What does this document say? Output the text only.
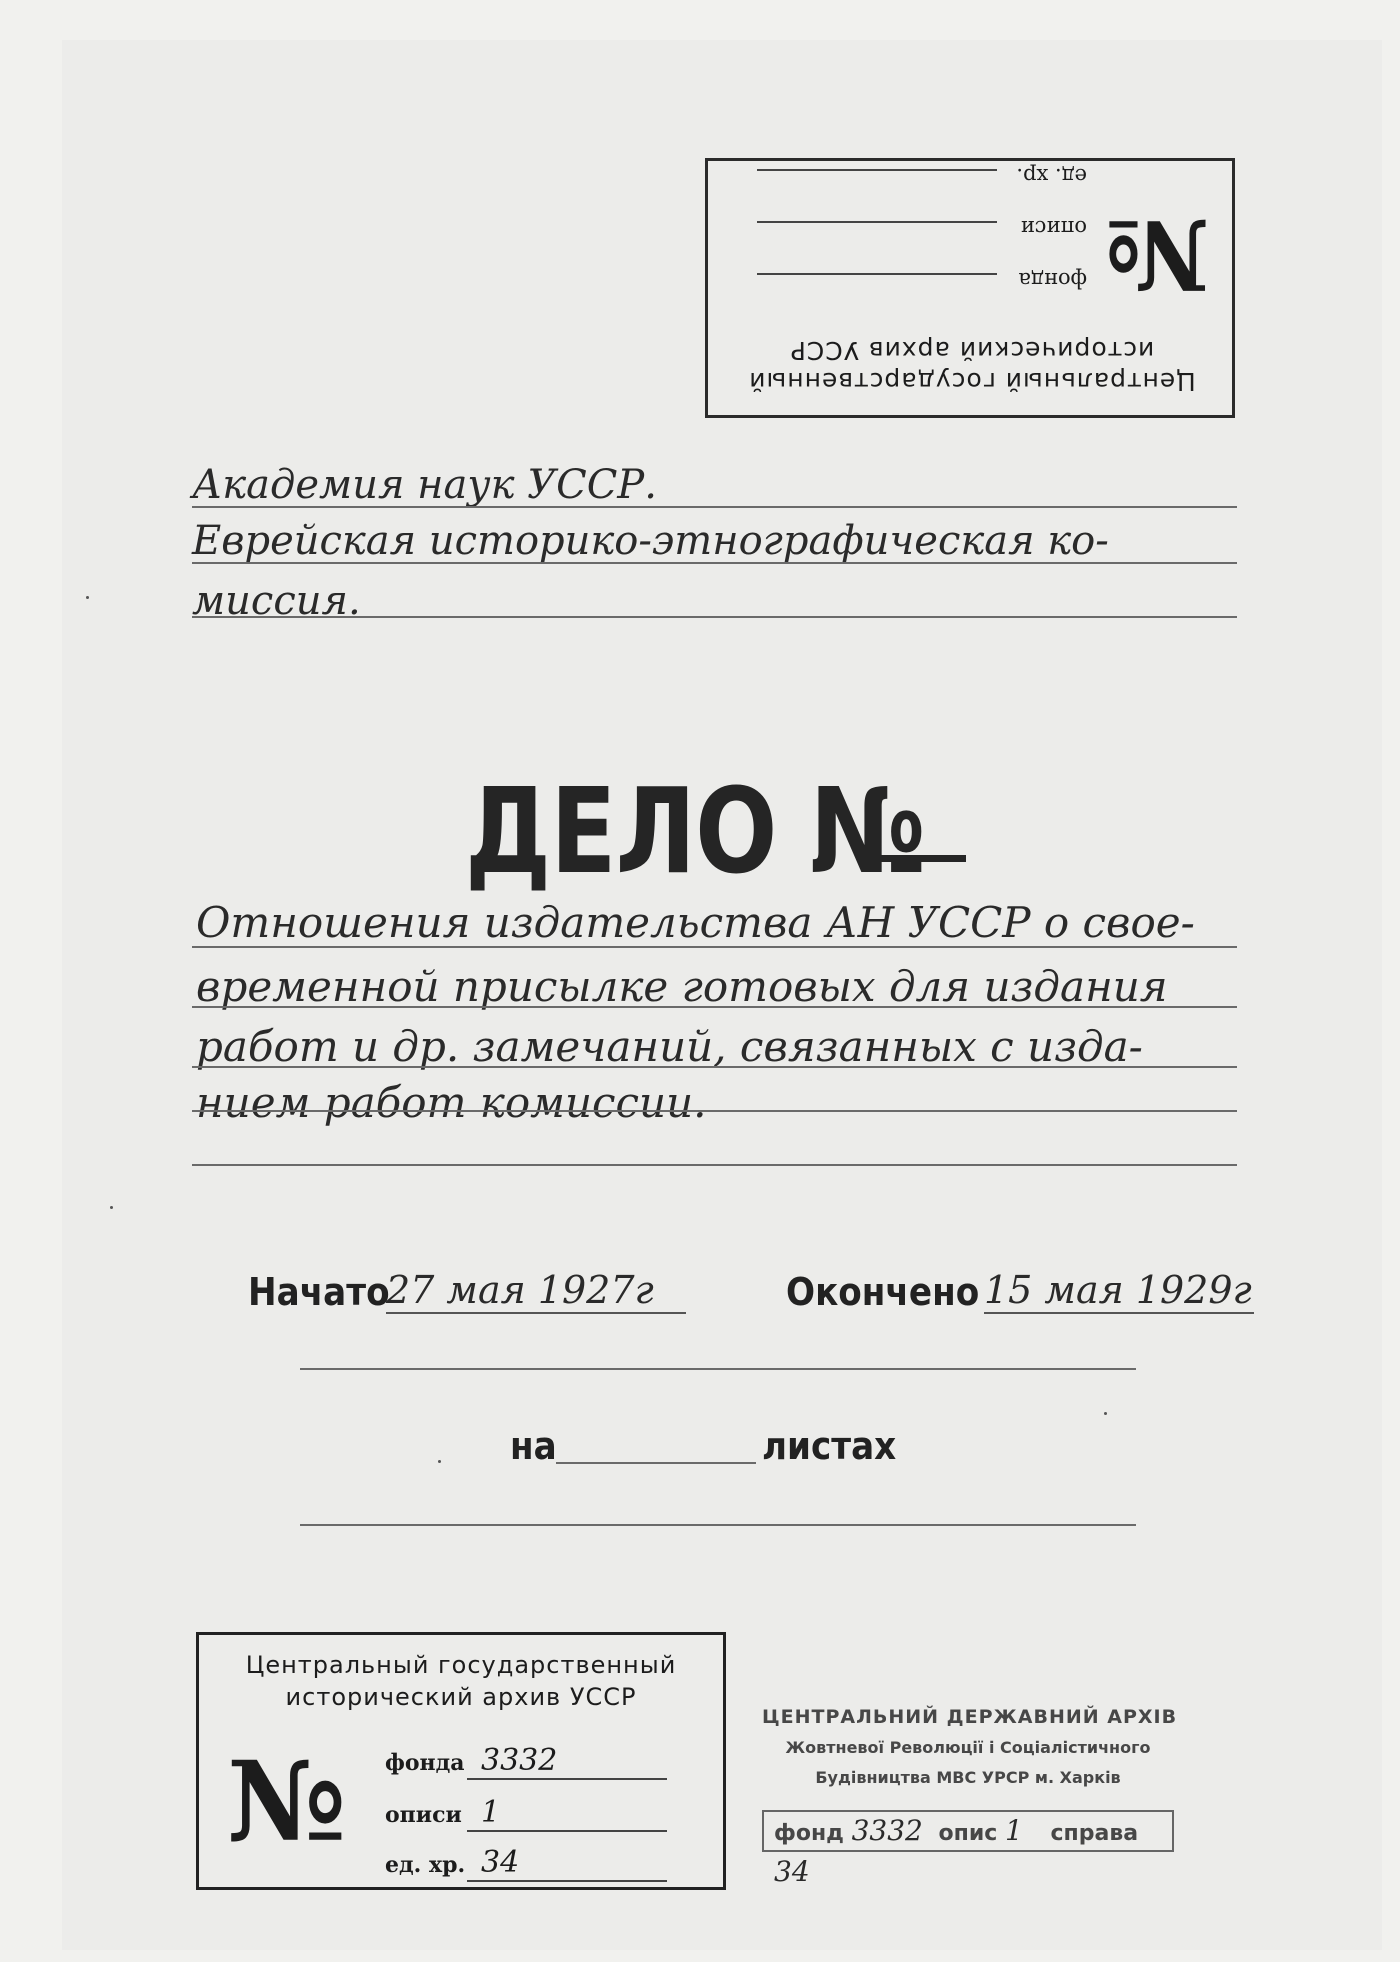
Центральный государственный
исторический архив УССР
№
фонда
описи
ед. хр.
Академия наук УССР.
Еврейская историко-этнографическая ко-
миссия.
ДЕЛО №
Отношения издательства АН УССР о свое-
временной присылке готовых для издания
работ и др. замечаний, связанных с изда-
нием работ комиссии.
Начато
27 мая 1927г	Окончено 15 мая 1929г
на	листах
Центральный государственный
исторический архив УССР
№ фонда 3332
описи 1
ед. хр. 34
ЦЕНТРАЛЬНИЙ ДЕРЖАВНИЙ АРХІВ
Жовтневої Революції і Соціалістичного
Будівництва МВС УРСР м. Харків
фонд 3332 опис 1 справа 34
